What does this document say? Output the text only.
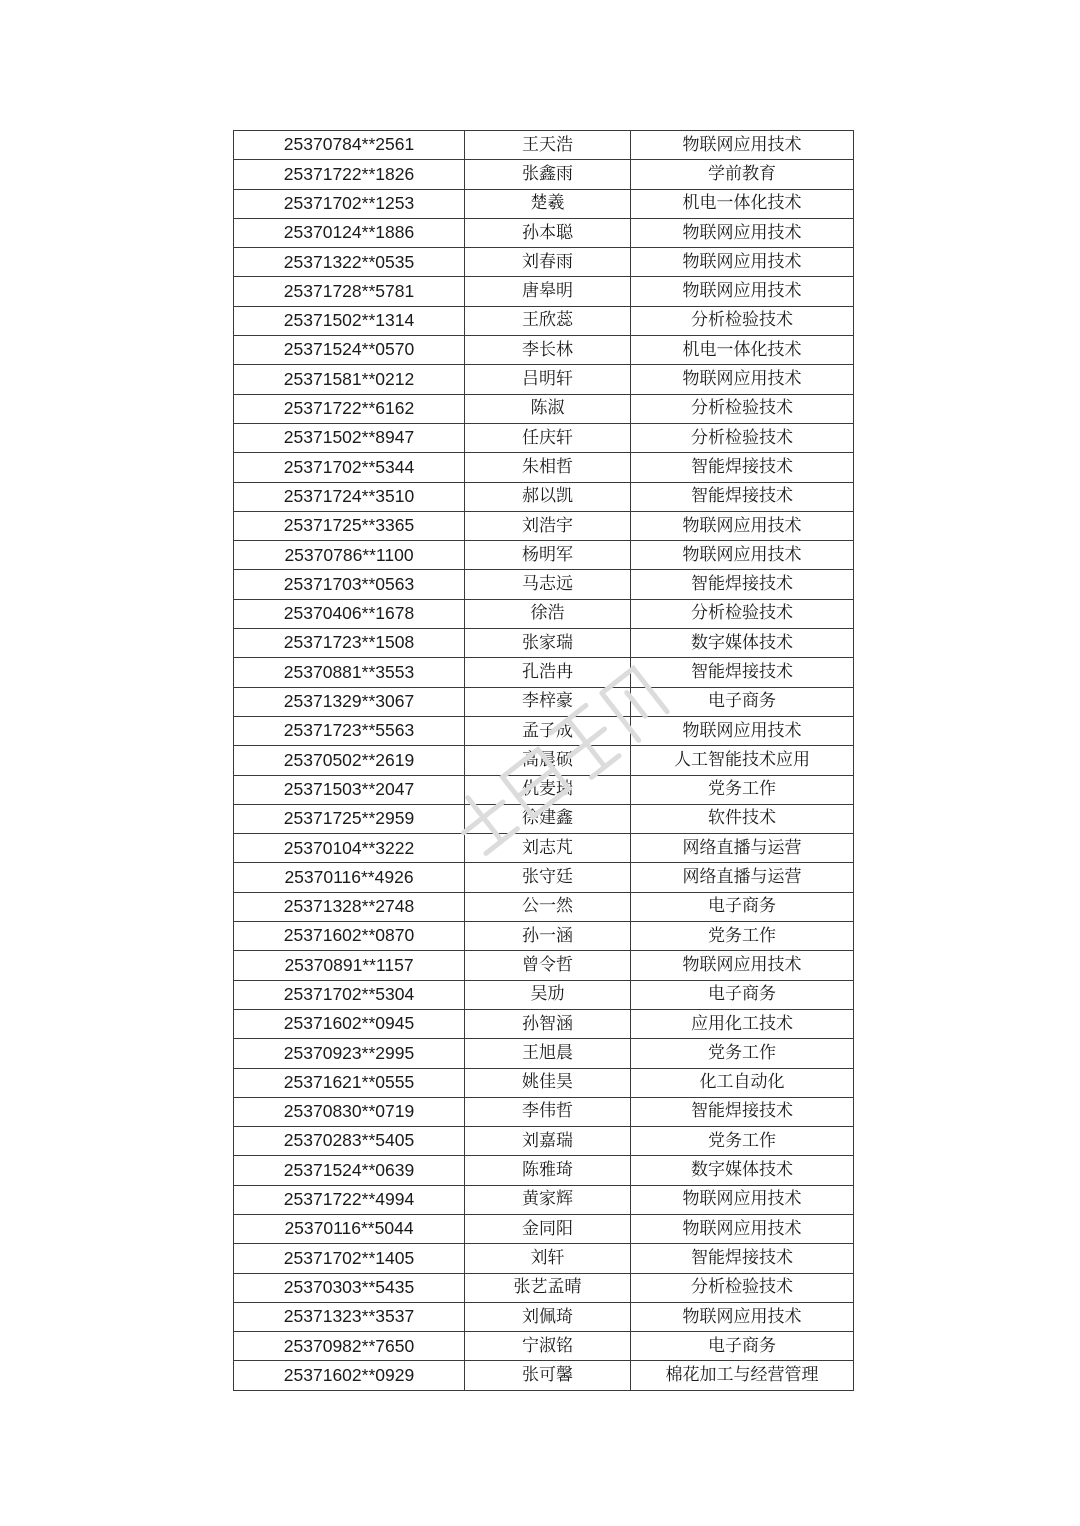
25370784**2561	王天浩	物联网应用技术
25371722**1826	张鑫雨	学前教育
25371702**1253	楚羲	机电一体化技术
25370124**1886	孙本聪	物联网应用技术
25371322**0535	刘春雨	物联网应用技术
25371728**5781	唐皋明	物联网应用技术
25371502**1314	王欣蕊	分析检验技术
25371524**0570	李长林	机电一体化技术
25371581**0212	吕明轩	物联网应用技术
25371722**6162	陈淑	分析检验技术
25371502**8947	任庆轩	分析检验技术
25371702**5344	朱相哲	智能焊接技术
25371724**3510	郝以凯	智能焊接技术
25371725**3365	刘浩宇	物联网应用技术
25370786**1100	杨明军	物联网应用技术
25371703**0563	马志远	智能焊接技术
25370406**1678	徐浩	分析检验技术
25371723**1508	张家瑞	数字媒体技术
25370881**3553	孔浩冉	智能焊接技术
25371329**3067	李梓豪	电子商务
25371723**5563	孟子成	物联网应用技术
25370502**2619	高晨硕	人工智能技术应用
25371503**2047	仇麦瑞	党务工作
25371725**2959	徐建鑫	软件技术
25370104**3222	刘志芃	网络直播与运营
25370116**4926	张守廷	网络直播与运营
25371328**2748	公一然	电子商务
25371602**0870	孙一涵	党务工作
25370891**1157	曾令哲	物联网应用技术
25371702**5304	吴劢	电子商务
25371602**0945	孙智涵	应用化工技术
25370923**2995	王旭晨	党务工作
25371621**0555	姚佳昊	化工自动化
25370830**0719	李伟哲	智能焊接技术
25370283**5405	刘嘉瑞	党务工作
25371524**0639	陈雅琦	数字媒体技术
25371722**4994	黄家辉	物联网应用技术
25370116**5044	金同阳	物联网应用技术
25371702**1405	刘轩	智能焊接技术
25370303**5435	张艺孟晴	分析检验技术
25371323**3537	刘佩琦	物联网应用技术
25370982**7650	宁淑铭	电子商务
25371602**0929	张可馨	棉花加工与经营管理
